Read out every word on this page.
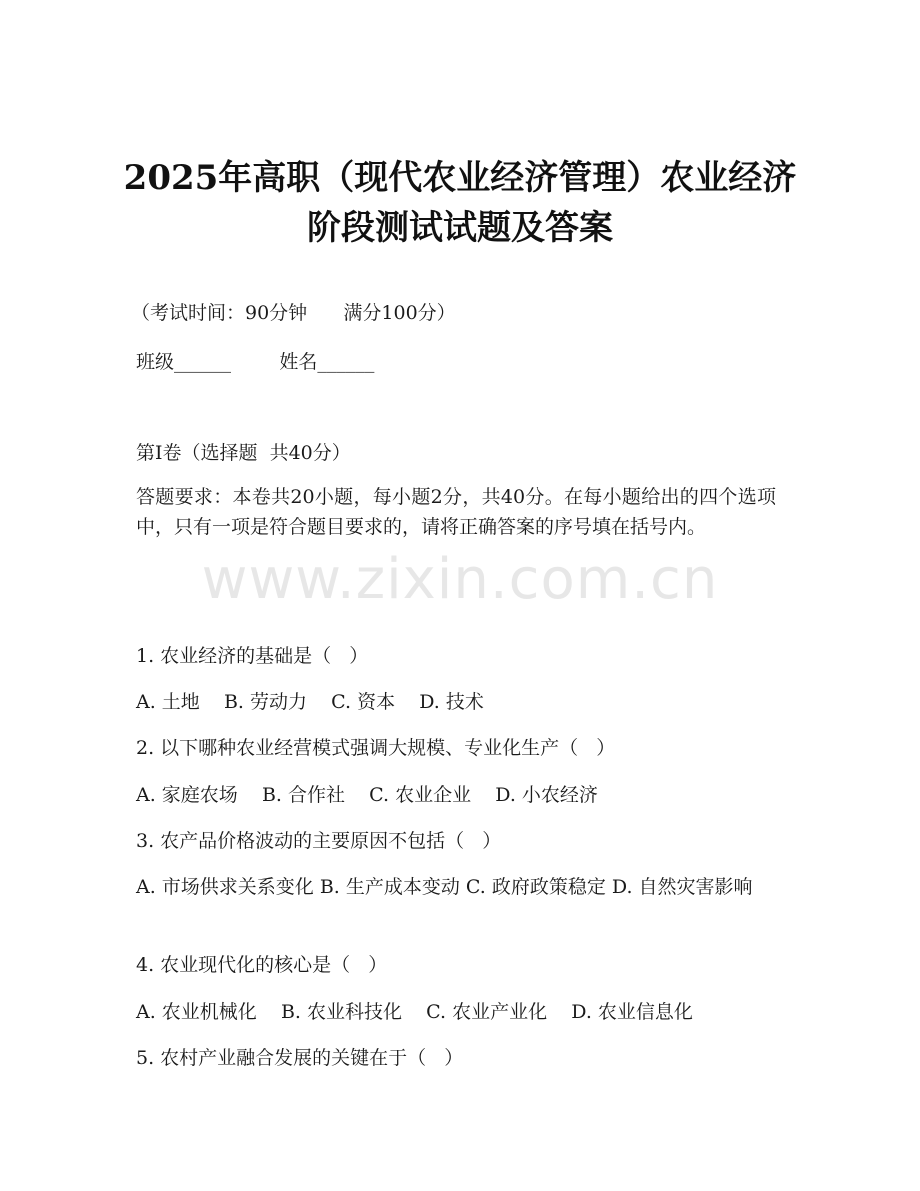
2025年高职（现代农业经济管理）农业经济
阶段测试试题及答案

（考试时间：90分钟      满分100分）

班级______        姓名______

第I卷（选择题  共40分）

答题要求：本卷共20小题，每小题2分，共40分。在每小题给出的四个选项中，只有一项是符合题目要求的，请将正确答案的序号填在括号内。

www.zixin.com.cn

1. 农业经济的基础是（   ）

A. 土地    B. 劳动力    C. 资本    D. 技术

2. 以下哪种农业经营模式强调大规模、专业化生产（   ）

A. 家庭农场    B. 合作社    C. 农业企业    D. 小农经济

3. 农产品价格波动的主要原因不包括（   ）

A. 市场供求关系变化 B. 生产成本变动 C. 政府政策稳定 D. 自然灾害影响

4. 农业现代化的核心是（   ）

A. 农业机械化    B. 农业科技化    C. 农业产业化    D. 农业信息化

5. 农村产业融合发展的关键在于（   ）
